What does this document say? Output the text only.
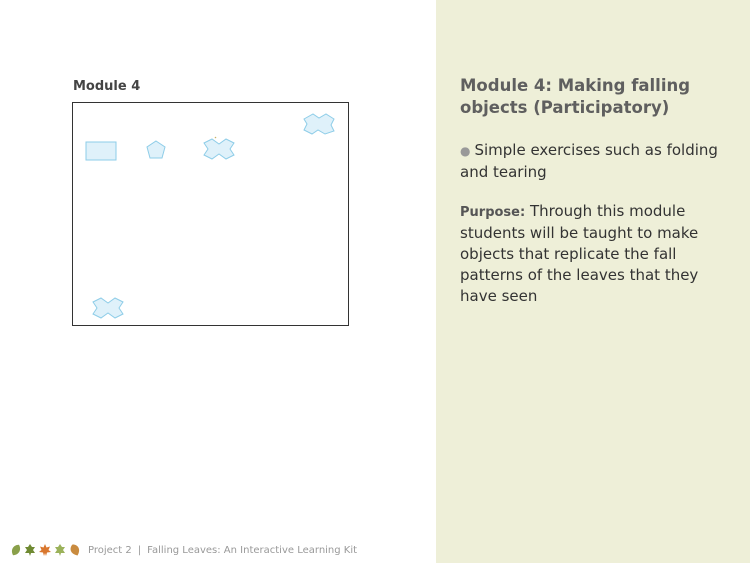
Module 4	Module 4: Making falling objects (Participatory)

● Simple exercises such as folding and tearing

Purpose: Through this module students will be taught to make objects that replicate the fall patterns of the leaves that they have seen

Project 2 | Falling Leaves: An Interactive Learning Kit
